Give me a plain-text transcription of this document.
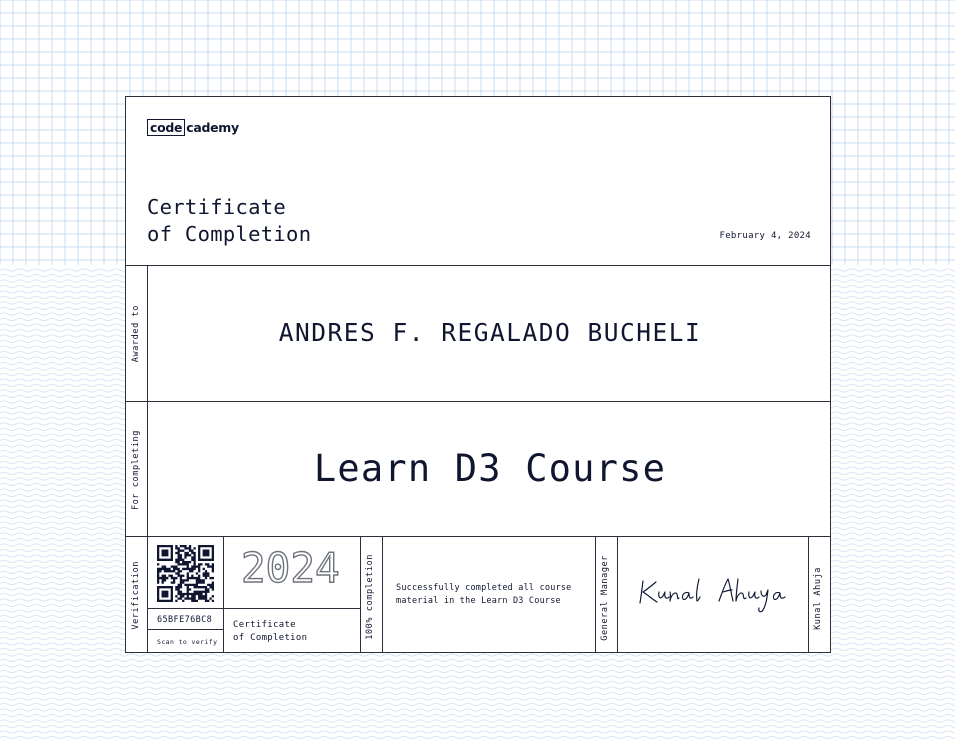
code cademy
Certificate
of Completion	February 4, 2024
Awarded to	ANDRES F. REGALADO BUCHELI
For completing	Learn D3 Course
Verification 65BFE76BC8
Scan to verify
2024
Certificate
of Completion	100% completion Successfully completed all course
material in the Learn D3 Course	General Manager	Kunal Ahuja
